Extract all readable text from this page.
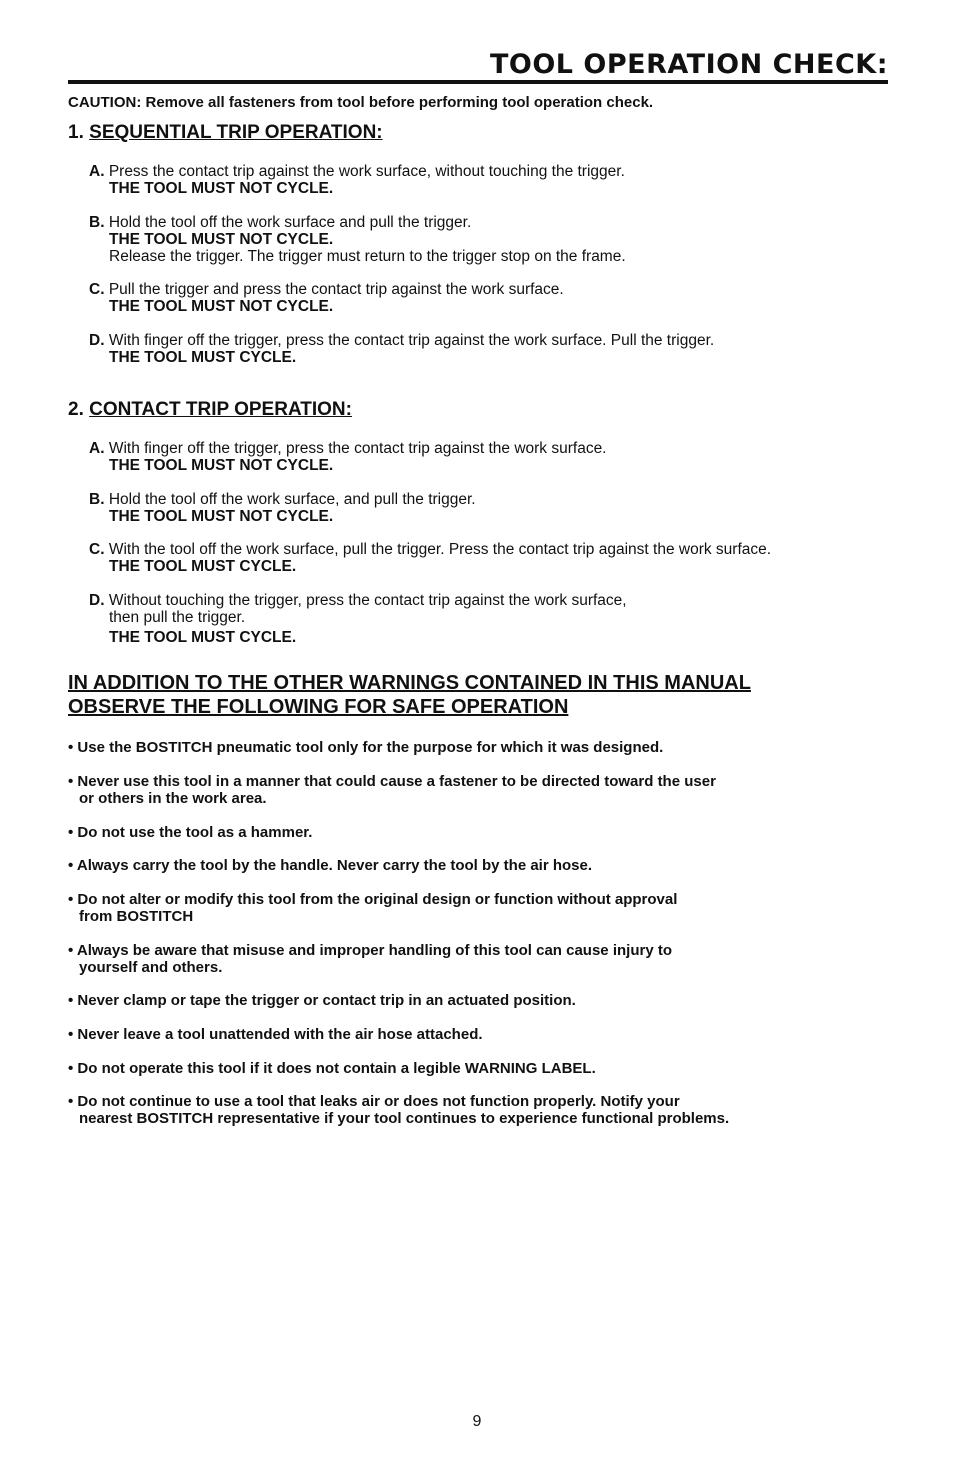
TOOL OPERATION CHECK:

CAUTION: Remove all fasteners from tool before performing tool operation check.

1. SEQUENTIAL TRIP OPERATION:
A. Press the contact trip against the work surface, without touching the trigger.
THE TOOL MUST NOT CYCLE.
B. Hold the tool off the work surface and pull the trigger.
THE TOOL MUST NOT CYCLE.
Release the trigger. The trigger must return to the trigger stop on the frame.
C. Pull the trigger and press the contact trip against the work surface.
THE TOOL MUST NOT CYCLE.
D. With finger off the trigger, press the contact trip against the work surface. Pull the trigger.
THE TOOL MUST CYCLE.
2. CONTACT TRIP OPERATION:
A. With finger off the trigger, press the contact trip against the work surface.
THE TOOL MUST NOT CYCLE.
B. Hold the tool off the work surface, and pull the trigger.
THE TOOL MUST NOT CYCLE.
C. With the tool off the work surface, pull the trigger. Press the contact trip against the work surface.
THE TOOL MUST CYCLE.
D. Without touching the trigger, press the contact trip against the work surface,
then pull the trigger.
THE TOOL MUST CYCLE.
IN ADDITION TO THE OTHER WARNINGS CONTAINED IN THIS MANUAL
OBSERVE THE FOLLOWING FOR SAFE OPERATION
• Use the BOSTITCH pneumatic tool only for the purpose for which it was designed.
• Never use this tool in a manner that could cause a fastener to be directed toward the user
or others in the work area.
• Do not use the tool as a hammer.
• Always carry the tool by the handle. Never carry the tool by the air hose.
• Do not alter or modify this tool from the original design or function without approval
from BOSTITCH
• Always be aware that misuse and improper handling of this tool can cause injury to
yourself and others.
• Never clamp or tape the trigger or contact trip in an actuated position.
• Never leave a tool unattended with the air hose attached.
• Do not operate this tool if it does not contain a legible WARNING LABEL.
• Do not continue to use a tool that leaks air or does not function properly. Notify your
nearest BOSTITCH representative if your tool continues to experience functional problems.
9
